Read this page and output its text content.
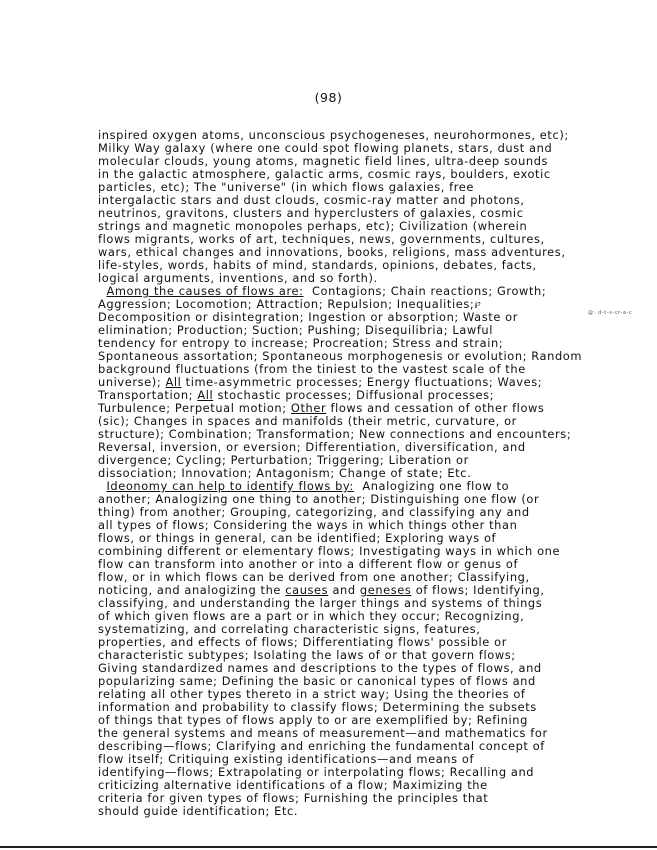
(98)
inspired oxygen atoms, unconscious psychogeneses, neurohormones, etc);
Milky Way galaxy (where one could spot flowing planets, stars, dust and
molecular clouds, young atoms, magnetic field lines, ultra-deep sounds
in the galactic atmosphere, galactic arms, cosmic rays, boulders, exotic
particles, etc); The "universe" (in which flows galaxies, free
intergalactic stars and dust clouds, cosmic-ray matter and photons,
neutrinos, gravitons, clusters and hyperclusters of galaxies, cosmic
strings and magnetic monopoles perhaps, etc); Civilization (wherein
flows migrants, works of art, techniques, news, governments, cultures,
wars, ethical changes and innovations, books, religions, mass adventures,
life-styles, words, habits of mind, standards, opinions, debates, facts,
logical arguments, inventions, and so forth).
Among the causes of flows are: Contagions; Chain reactions; Growth;
Aggression; Locomotion; Attraction; Repulsion; Inequalities;℘
Decomposition or disintegration; Ingestion or absorption; Waste or
elimination; Production; Suction; Pushing; Disequilibria; Lawful
tendency for entropy to increase; Procreation; Stress and strain;
Spontaneous assortation; Spontaneous morphogenesis or evolution; Random
background fluctuations (from the tiniest to the vastest scale of the
universe); All time-asymmetric processes; Energy fluctuations; Waves;
Transportation; All stochastic processes; Diffusional processes;
Turbulence; Perpetual motion; Other flows and cessation of other flows
(sic); Changes in spaces and manifolds (their metric, curvature, or
structure); Combination; Transformation; New connections and encounters;
Reversal, inversion, or eversion; Differentiation, diversification, and
divergence; Cycling; Perturbation; Triggering; Liberation or
dissociation; Innovation; Antagonism; Change of state; Etc.
Ideonomy can help to identify flows by: Analogizing one flow to
another; Analogizing one thing to another; Distinguishing one flow (or
thing) from another; Grouping, categorizing, and classifying any and
all types of flows; Considering the ways in which things other than
flows, or things in general, can be identified; Exploring ways of
combining different or elementary flows; Investigating ways in which one
flow can transform into another or into a different flow or genus of
flow, or in which flows can be derived from one another; Classifying,
noticing, and analogizing the causes and geneses of flows; Identifying,
classifying, and understanding the larger things and systems of things
of which given flows are a part or in which they occur; Recognizing,
systematizing, and correlating characteristic signs, features,
properties, and effects of flows; Differentiating flows' possible or
characteristic subtypes; Isolating the laws of or that govern flows;
Giving standardized names and descriptions to the types of flows, and
popularizing same; Defining the basic or canonical types of flows and
relating all other types thereto in a strict way; Using the theories of
information and probability to classify flows; Determining the subsets
of things that types of flows apply to or are exemplified by; Refining
the general systems and means of measurement—and mathematics for
describing—flows; Clarifying and enriching the fundamental concept of
flow itself; Critiquing existing identifications—and means of
identifying—flows; Extrapolating or interpolating flows; Recalling and
criticizing alternative identifications of a flow; Maximizing the
criteria for given types of flows; Furnishing the principles that
should guide identification; Etc.
@: d-t-s-cr-a-c
